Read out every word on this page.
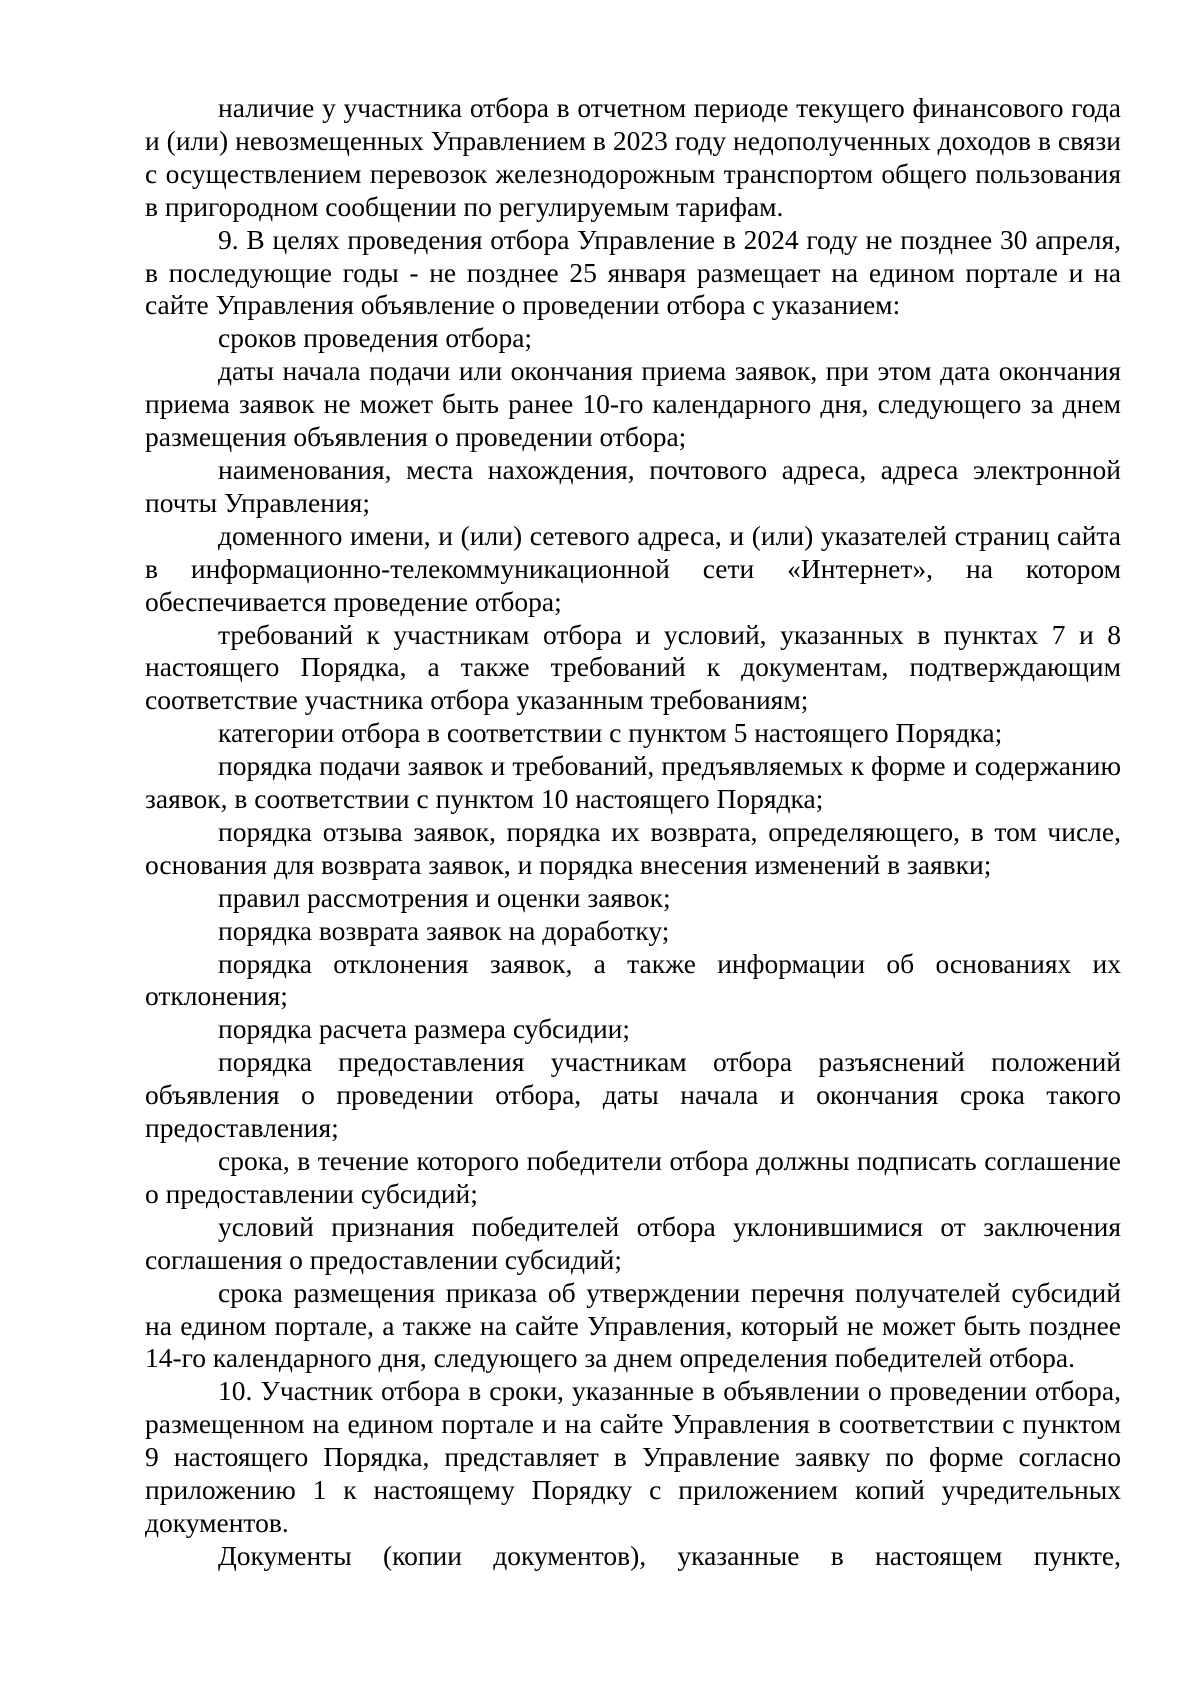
наличие у участника отбора в отчетном периоде текущего финансового года и (или) невозмещенных Управлением в 2023 году недополученных доходов в связи с осуществлением перевозок железнодорожным транспортом общего пользования в пригородном сообщении по регулируемым тарифам.

9. В целях проведения отбора Управление в 2024 году не позднее 30 апреля, в последующие годы - не позднее 25 января размещает на едином портале и на сайте Управления объявление о проведении отбора с указанием:

сроков проведения отбора;

даты начала подачи или окончания приема заявок, при этом дата окончания приема заявок не может быть ранее 10-го календарного дня, следующего за днем размещения объявления о проведении отбора;

наименования, места нахождения, почтового адреса, адреса электронной почты Управления;

доменного имени, и (или) сетевого адреса, и (или) указателей страниц сайта в информационно-телекоммуникационной сети «Интернет», на котором обеспечивается проведение отбора;

требований к участникам отбора и условий, указанных в пунктах 7 и 8 настоящего Порядка, а также требований к документам, подтверждающим соответствие участника отбора указанным требованиям;

категории отбора в соответствии с пунктом 5 настоящего Порядка;

порядка подачи заявок и требований, предъявляемых к форме и содержанию заявок, в соответствии с пунктом 10 настоящего Порядка;

порядка отзыва заявок, порядка их возврата, определяющего, в том числе, основания для возврата заявок, и порядка внесения изменений в заявки;

правил рассмотрения и оценки заявок;

порядка возврата заявок на доработку;

порядка отклонения заявок, а также информации об основаниях их отклонения;

порядка расчета размера субсидии;

порядка предоставления участникам отбора разъяснений положений объявления о проведении отбора, даты начала и окончания срока такого предоставления;

срока, в течение которого победители отбора должны подписать соглашение о предоставлении субсидий;

условий признания победителей отбора уклонившимися от заключения соглашения о предоставлении субсидий;

срока размещения приказа об утверждении перечня получателей субсидий на едином портале, а также на сайте Управления, который не может быть позднее 14-го календарного дня, следующего за днем определения победителей отбора.

10. Участник отбора в сроки, указанные в объявлении о проведении отбора, размещенном на едином портале и на сайте Управления в соответствии с пунктом 9 настоящего Порядка, представляет в Управление заявку по форме согласно приложению 1 к настоящему Порядку с приложением копий учредительных документов.

Документы (копии документов), указанные в настоящем пункте,
